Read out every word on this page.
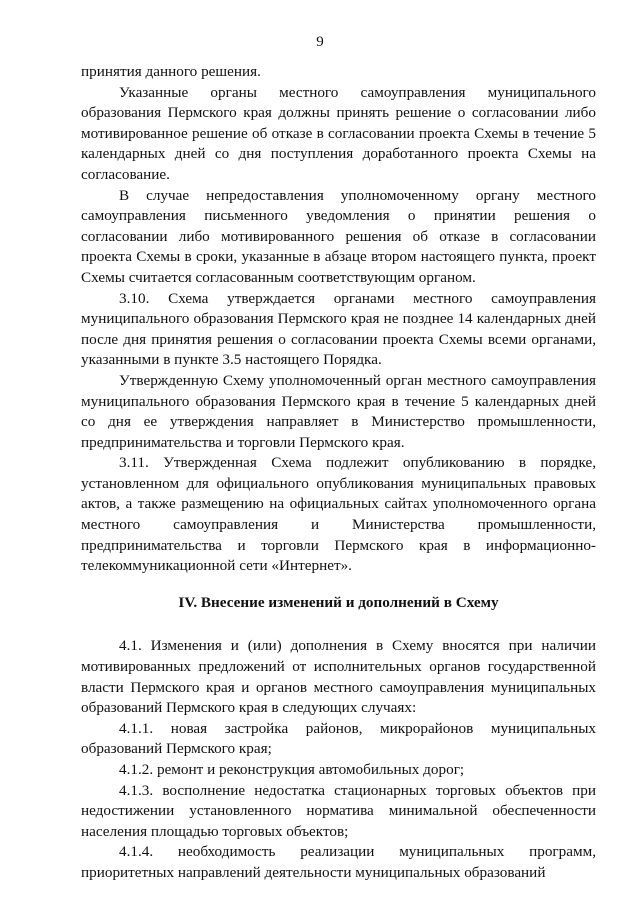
9

принятия данного решения.

Указанные органы местного самоуправления муниципального образования Пермского края должны принять решение о согласовании либо мотивированное решение об отказе в согласовании проекта Схемы в течение 5 календарных дней со дня поступления доработанного проекта Схемы на согласование.

В случае непредоставления уполномоченному органу местного самоуправления письменного уведомления о принятии решения о согласовании либо мотивированного решения об отказе в согласовании проекта Схемы в сроки, указанные в абзаце втором настоящего пункта, проект Схемы считается согласованным соответствующим органом.

3.10. Схема утверждается органами местного самоуправления муниципального образования Пермского края не позднее 14 календарных дней после дня принятия решения о согласовании проекта Схемы всеми органами, указанными в пункте 3.5 настоящего Порядка.

Утвержденную Схему уполномоченный орган местного самоуправления муниципального образования Пермского края в течение 5 календарных дней со дня ее утверждения направляет в Министерство промышленности, предпринимательства и торговли Пермского края.

3.11. Утвержденная Схема подлежит опубликованию в порядке, установленном для официального опубликования муниципальных правовых актов, а также размещению на официальных сайтах уполномоченного органа местного самоуправления и Министерства промышленности, предпринимательства и торговли Пермского края в информационно-телекоммуникационной сети «Интернет».

IV. Внесение изменений и дополнений в Схему

4.1. Изменения и (или) дополнения в Схему вносятся при наличии мотивированных предложений от исполнительных органов государственной власти Пермского края и органов местного самоуправления муниципальных образований Пермского края в следующих случаях:

4.1.1. новая застройка районов, микрорайонов муниципальных образований Пермского края;

4.1.2. ремонт и реконструкция автомобильных дорог;

4.1.3. восполнение недостатка стационарных торговых объектов при недостижении установленного норматива минимальной обеспеченности населения площадью торговых объектов;

4.1.4. необходимость реализации муниципальных программ, приоритетных направлений деятельности муниципальных образований
